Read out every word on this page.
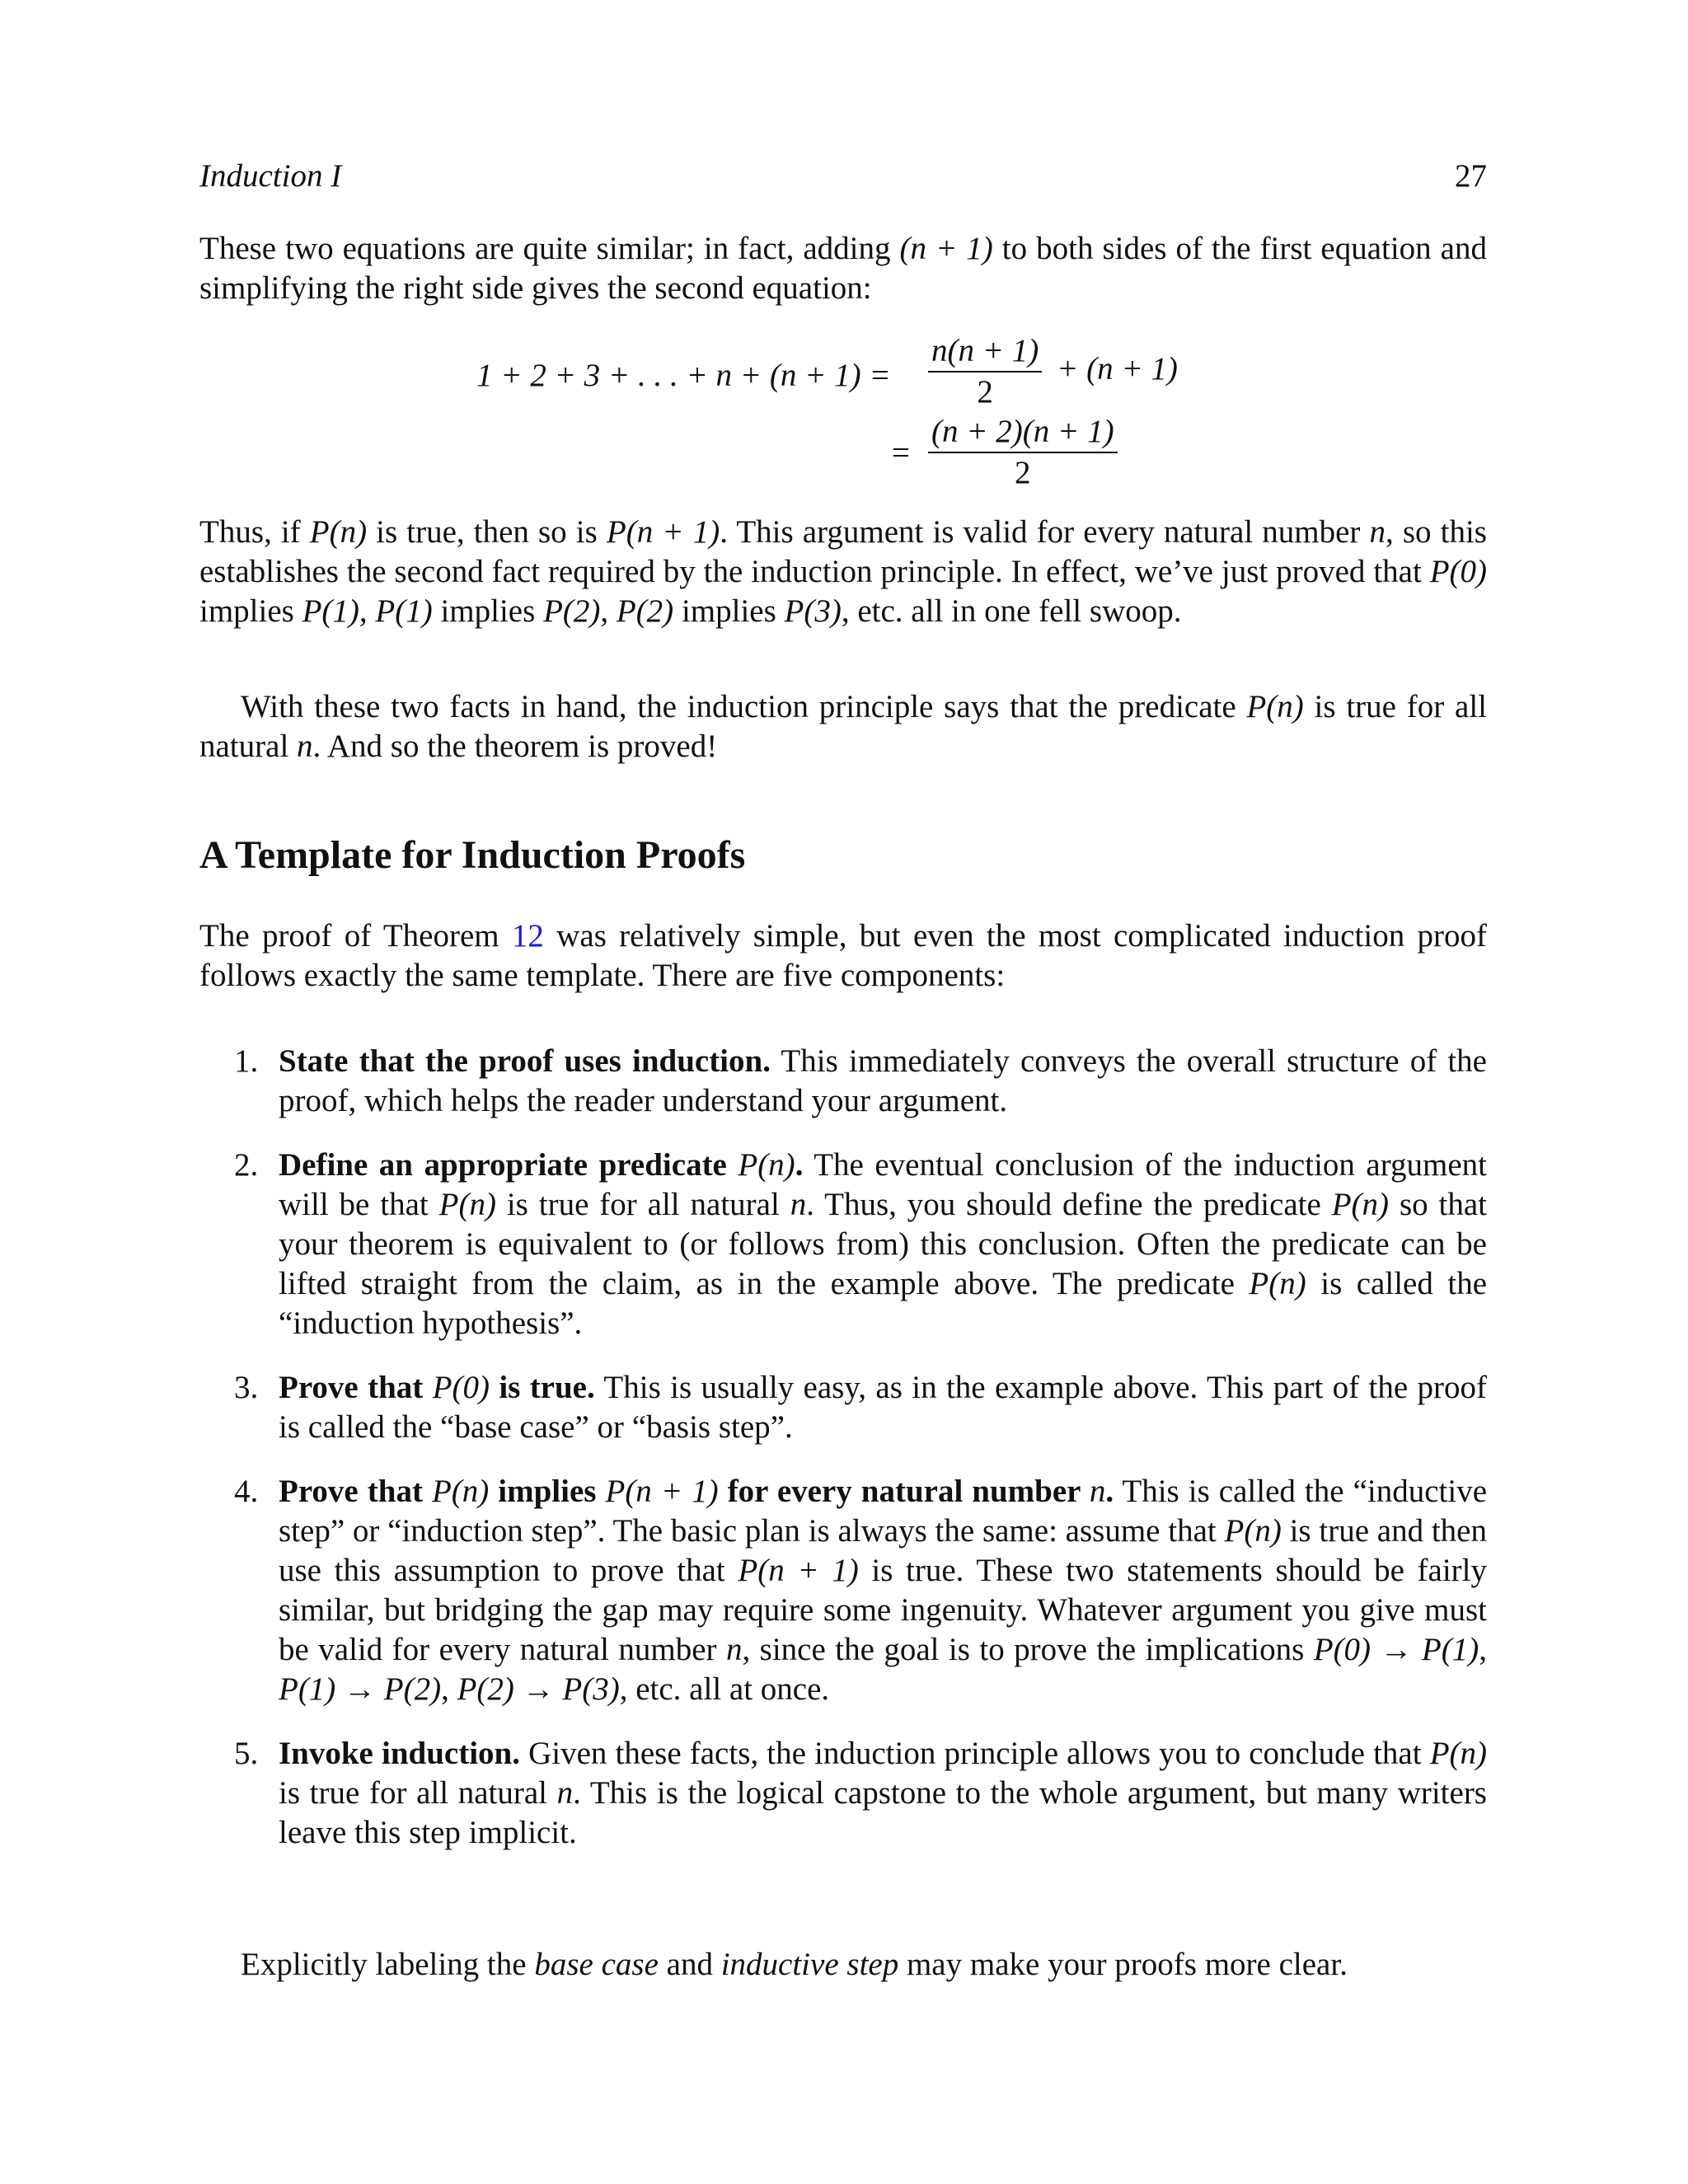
Induction I	27

These two equations are quite similar; in fact, adding (n + 1) to both sides of the first equation and simplifying the right side gives the second equation:

1 + 2 + 3 + . . . + $n + (n + 1) = \frac{n(n + 1)}{2} + (n + 1)$
= $\frac{(n + 2)(n + 1)}{2}$

Thus, if P(n) is true, then so is P(n + 1). This argument is valid for every natural number n, so this establishes the second fact required by the induction principle. In effect, we’ve just proved that P(0) implies P(1), P(1) implies P(2), P(2) implies P(3), etc. all in one fell swoop.

With these two facts in hand, the induction principle says that the predicate P(n) is true for all natural n. And so the theorem is proved!

A Template for Induction Proofs

The proof of Theorem 12 was relatively simple, but even the most complicated induction proof follows exactly the same template. There are five components:

1. State that the proof uses induction. This immediately conveys the overall structure of the proof, which helps the reader understand your argument.
2. Define an appropriate predicate P(n). The eventual conclusion of the induction argument will be that P(n) is true for all natural n. Thus, you should define the predicate P(n) so that your theorem is equivalent to (or follows from) this conclusion. Often the predicate can be lifted straight from the claim, as in the example above. The predicate P(n) is called the “induction hypothesis”.
3. Prove that P(0) is true. This is usually easy, as in the example above. This part of the proof is called the “base case” or “basis step”.
4. Prove that P(n) implies P(n + 1) for every natural number n. This is called the “inductive step” or “induction step”. The basic plan is always the same: assume that P(n) is true and then use this assumption to prove that P(n + 1) is true. These two statements should be fairly similar, but bridging the gap may require some ingenuity. Whatever argument you give must be valid for every natural number n, since the goal is to prove the implications P(0) → P(1), P(1) → P(2), P(2) → P(3), etc. all at once.
5. Invoke induction. Given these facts, the induction principle allows you to conclude that P(n) is true for all natural n. This is the logical capstone to the whole argument, but many writers leave this step implicit.

Explicitly labeling the base case and inductive step may make your proofs more clear.
